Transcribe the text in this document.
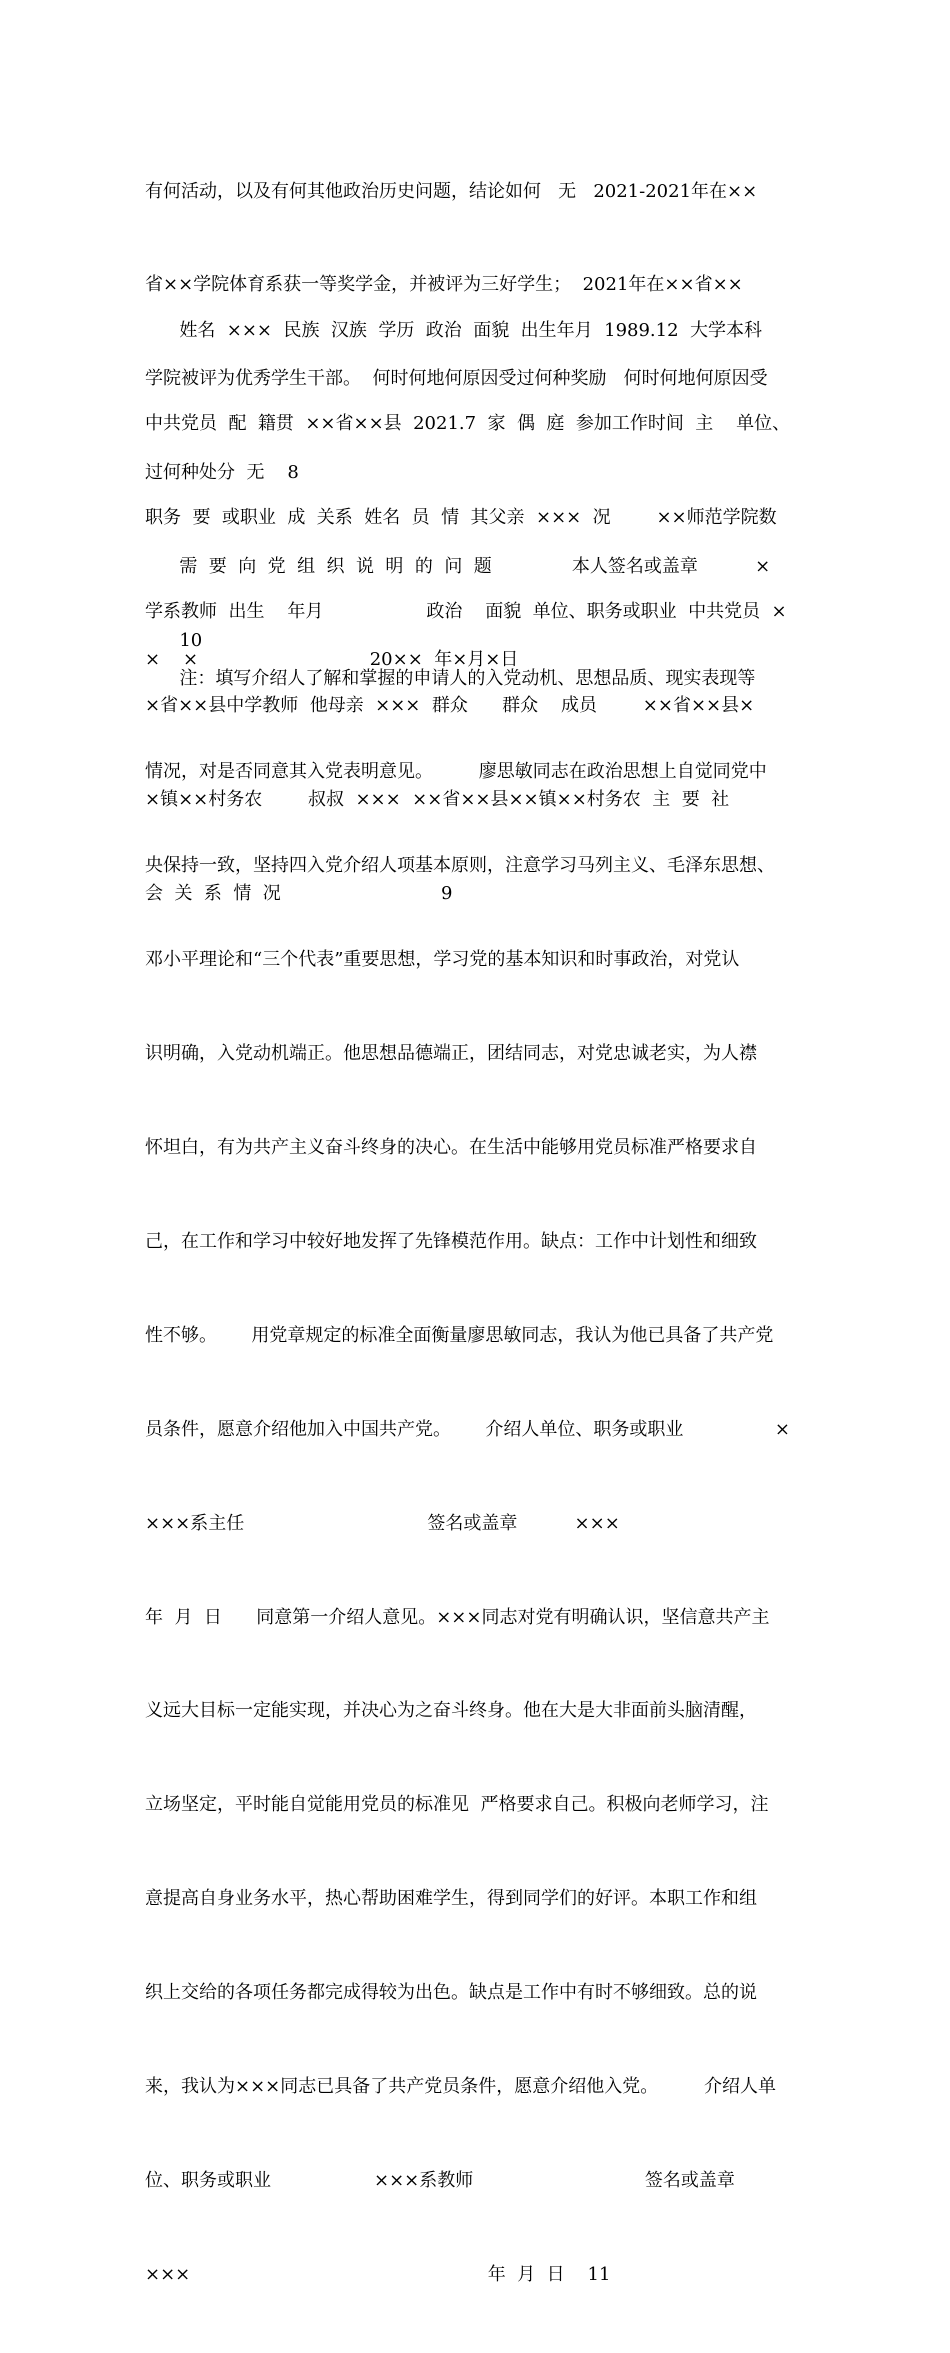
有何活动，以及有何其他政治历史问题，结论如何   无   2021-2021年在××

省××学院体育系获一等奖学金，并被评为三好学生；  2021年在××省××

学院被评为优秀学生干部。  何时何地何原因受过何种奖励   何时何地何原因受

过何种处分  无    8

姓名  ×××  民族  汉族  学历  政治  面貌  出生年月  1989.12  大学本科

中共党员  配  籍贯  ××省××县  2021.7  家  偶  庭  参加工作时间  主    单位、

职务  要  或职业  成  关系  姓名  员  情  其父亲  ×××  况        ××师范学院数

学系教师  出生    年月                  政治    面貌  单位、职务或职业  中共党员  ×

×省××县中学教师  他母亲  ×××  群众      群众    成员        ××省××县×

×镇××村务农        叔叔  ×××  ××省××县××镇××村务农  主  要  社

会  关  系  情  况                            9

需  要  向  党  组  织  说  明  的  问  题              本人签名或盖章          ×

×    ×                              20××  年×月×日

10

注：填写介绍人了解和掌握的申请人的入党动机、思想品质、现实表现等

情况，对是否同意其入党表明意见。        廖思敏同志在政治思想上自觉同党中

央保持一致，坚持四入党介绍人项基本原则，注意学习马列主义、毛泽东思想、

邓小平理论和“三个代表”重要思想，学习党的基本知识和时事政治，对党认

识明确，入党动机端正。他思想品德端正，团结同志，对党忠诚老实，为人襟

怀坦白，有为共产主义奋斗终身的决心。在生活中能够用党员标准严格要求自

己，在工作和学习中较好地发挥了先锋模范作用。缺点：工作中计划性和细致

性不够。      用党章规定的标准全面衡量廖思敏同志，我认为他已具备了共产党

员条件，愿意介绍他加入中国共产党。      介绍人单位、职务或职业                ×

×××系主任                                签名或盖章          ×××

年  月  日      同意第一介绍人意见。×××同志对党有明确认识，坚信意共产主

义远大目标一定能实现，并决心为之奋斗终身。他在大是大非面前头脑清醒，

立场坚定，平时能自觉能用党员的标准见  严格要求自己。积极向老师学习，注

意提高自身业务水平，热心帮助困难学生，得到同学们的好评。本职工作和组

织上交给的各项任务都完成得较为出色。缺点是工作中有时不够细致。总的说

来，我认为×××同志已具备了共产党员条件，愿意介绍他入党。        介绍人单

位、职务或职业                  ×××系教师                              签名或盖章

×××                                                    年  月  日    11
